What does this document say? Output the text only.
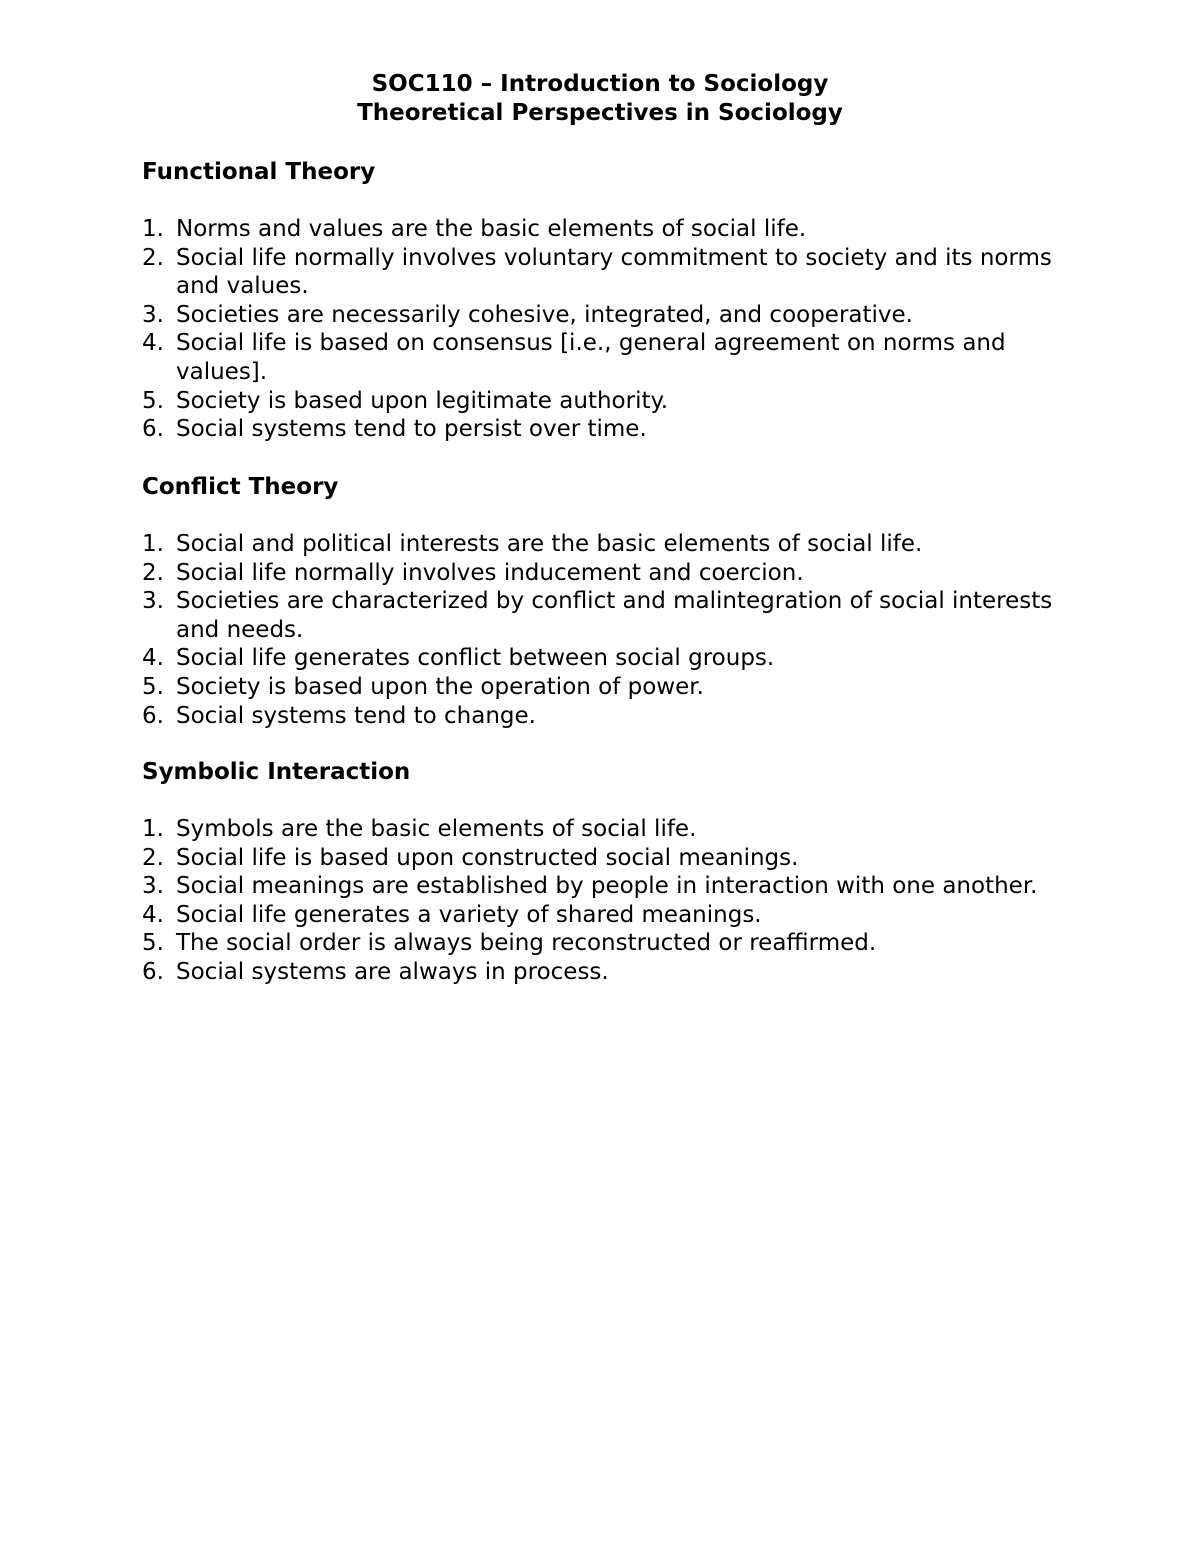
SOC110 – Introduction to Sociology
Theoretical Perspectives in Sociology
Functional Theory
1. Norms and values are the basic elements of social life.
2. Social life normally involves voluntary commitment to society and its norms and values.
3. Societies are necessarily cohesive, integrated, and cooperative.
4. Social life is based on consensus [i.e., general agreement on norms and values].
5. Society is based upon legitimate authority.
6. Social systems tend to persist over time.
Conflict Theory
1. Social and political interests are the basic elements of social life.
2. Social life normally involves inducement and coercion.
3. Societies are characterized by conflict and malintegration of social interests and needs.
4. Social life generates conflict between social groups.
5. Society is based upon the operation of power.
6. Social systems tend to change.
Symbolic Interaction
1. Symbols are the basic elements of social life.
2. Social life is based upon constructed social meanings.
3. Social meanings are established by people in interaction with one another.
4. Social life generates a variety of shared meanings.
5. The social order is always being reconstructed or reaffirmed.
6. Social systems are always in process.
